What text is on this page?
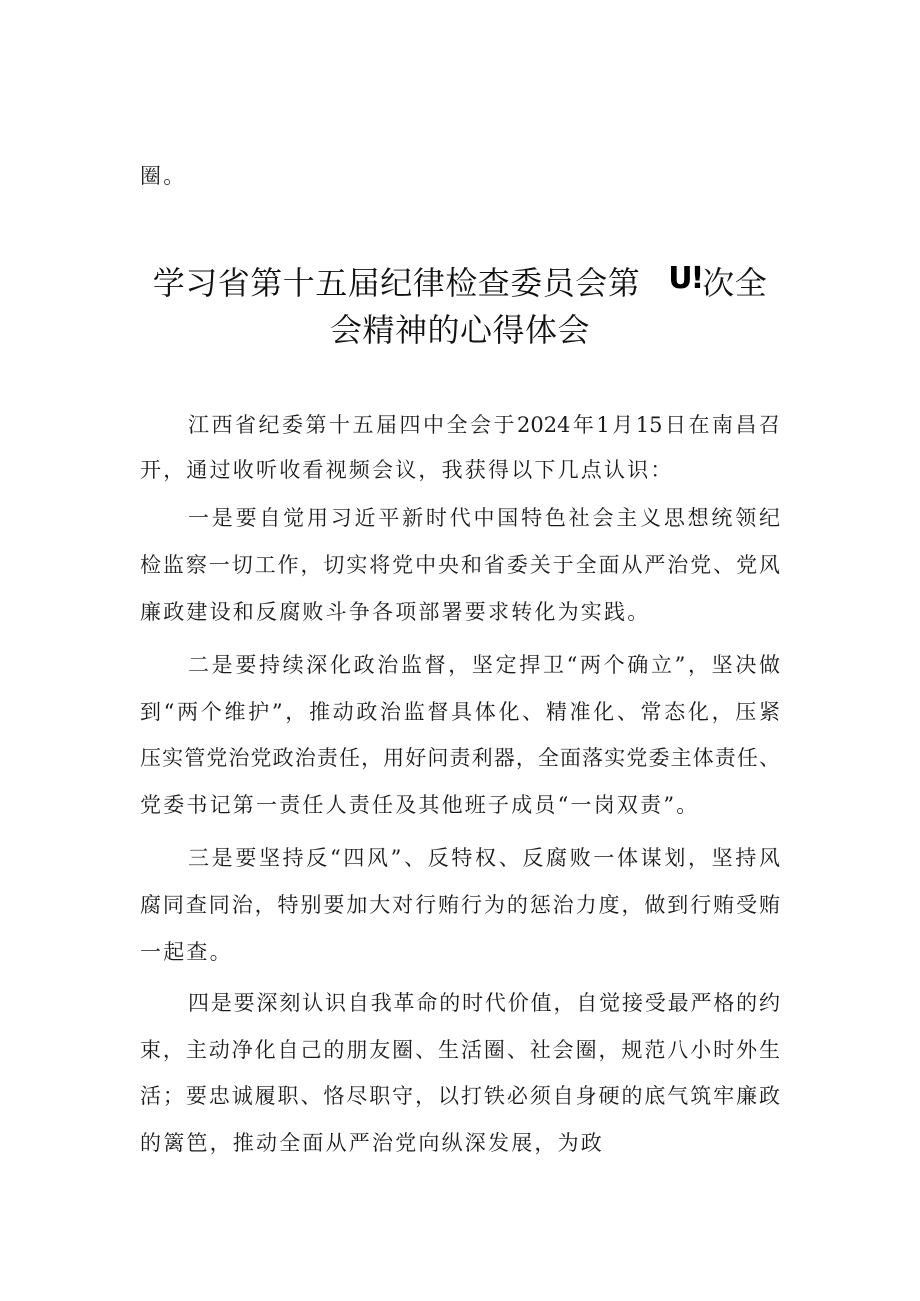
圈。
学习省第十五届纪律检查委员会第 U!次全
会精神的心得体会
江西省纪委第十五届四中全会于2024年1月15日在南昌召
开，通过收听收看视频会议，我获得以下几点认识：
一是要自觉用习近平新时代中国特色社会主义思想统领纪
检监察一切工作，切实将党中央和省委关于全面从严治党、党风
廉政建设和反腐败斗争各项部署要求转化为实践。
二是要持续深化政治监督，坚定捍卫“两个确立”，坚决做
到“两个维护”，推动政治监督具体化、精准化、常态化，压紧
压实管党治党政治责任，用好问责利器，全面落实党委主体责任、
党委书记第一责任人责任及其他班子成员“一岗双责”。
三是要坚持反“四风”、反特权、反腐败一体谋划，坚持风
腐同查同治，特别要加大对行贿行为的惩治力度，做到行贿受贿
一起查。
四是要深刻认识自我革命的时代价值，自觉接受最严格的约
束，主动净化自己的朋友圈、生活圈、社会圈，规范八小时外生
活；要忠诚履职、恪尽职守，以打铁必须自身硬的底气筑牢廉政
的篱笆，推动全面从严治党向纵深发展，为政
